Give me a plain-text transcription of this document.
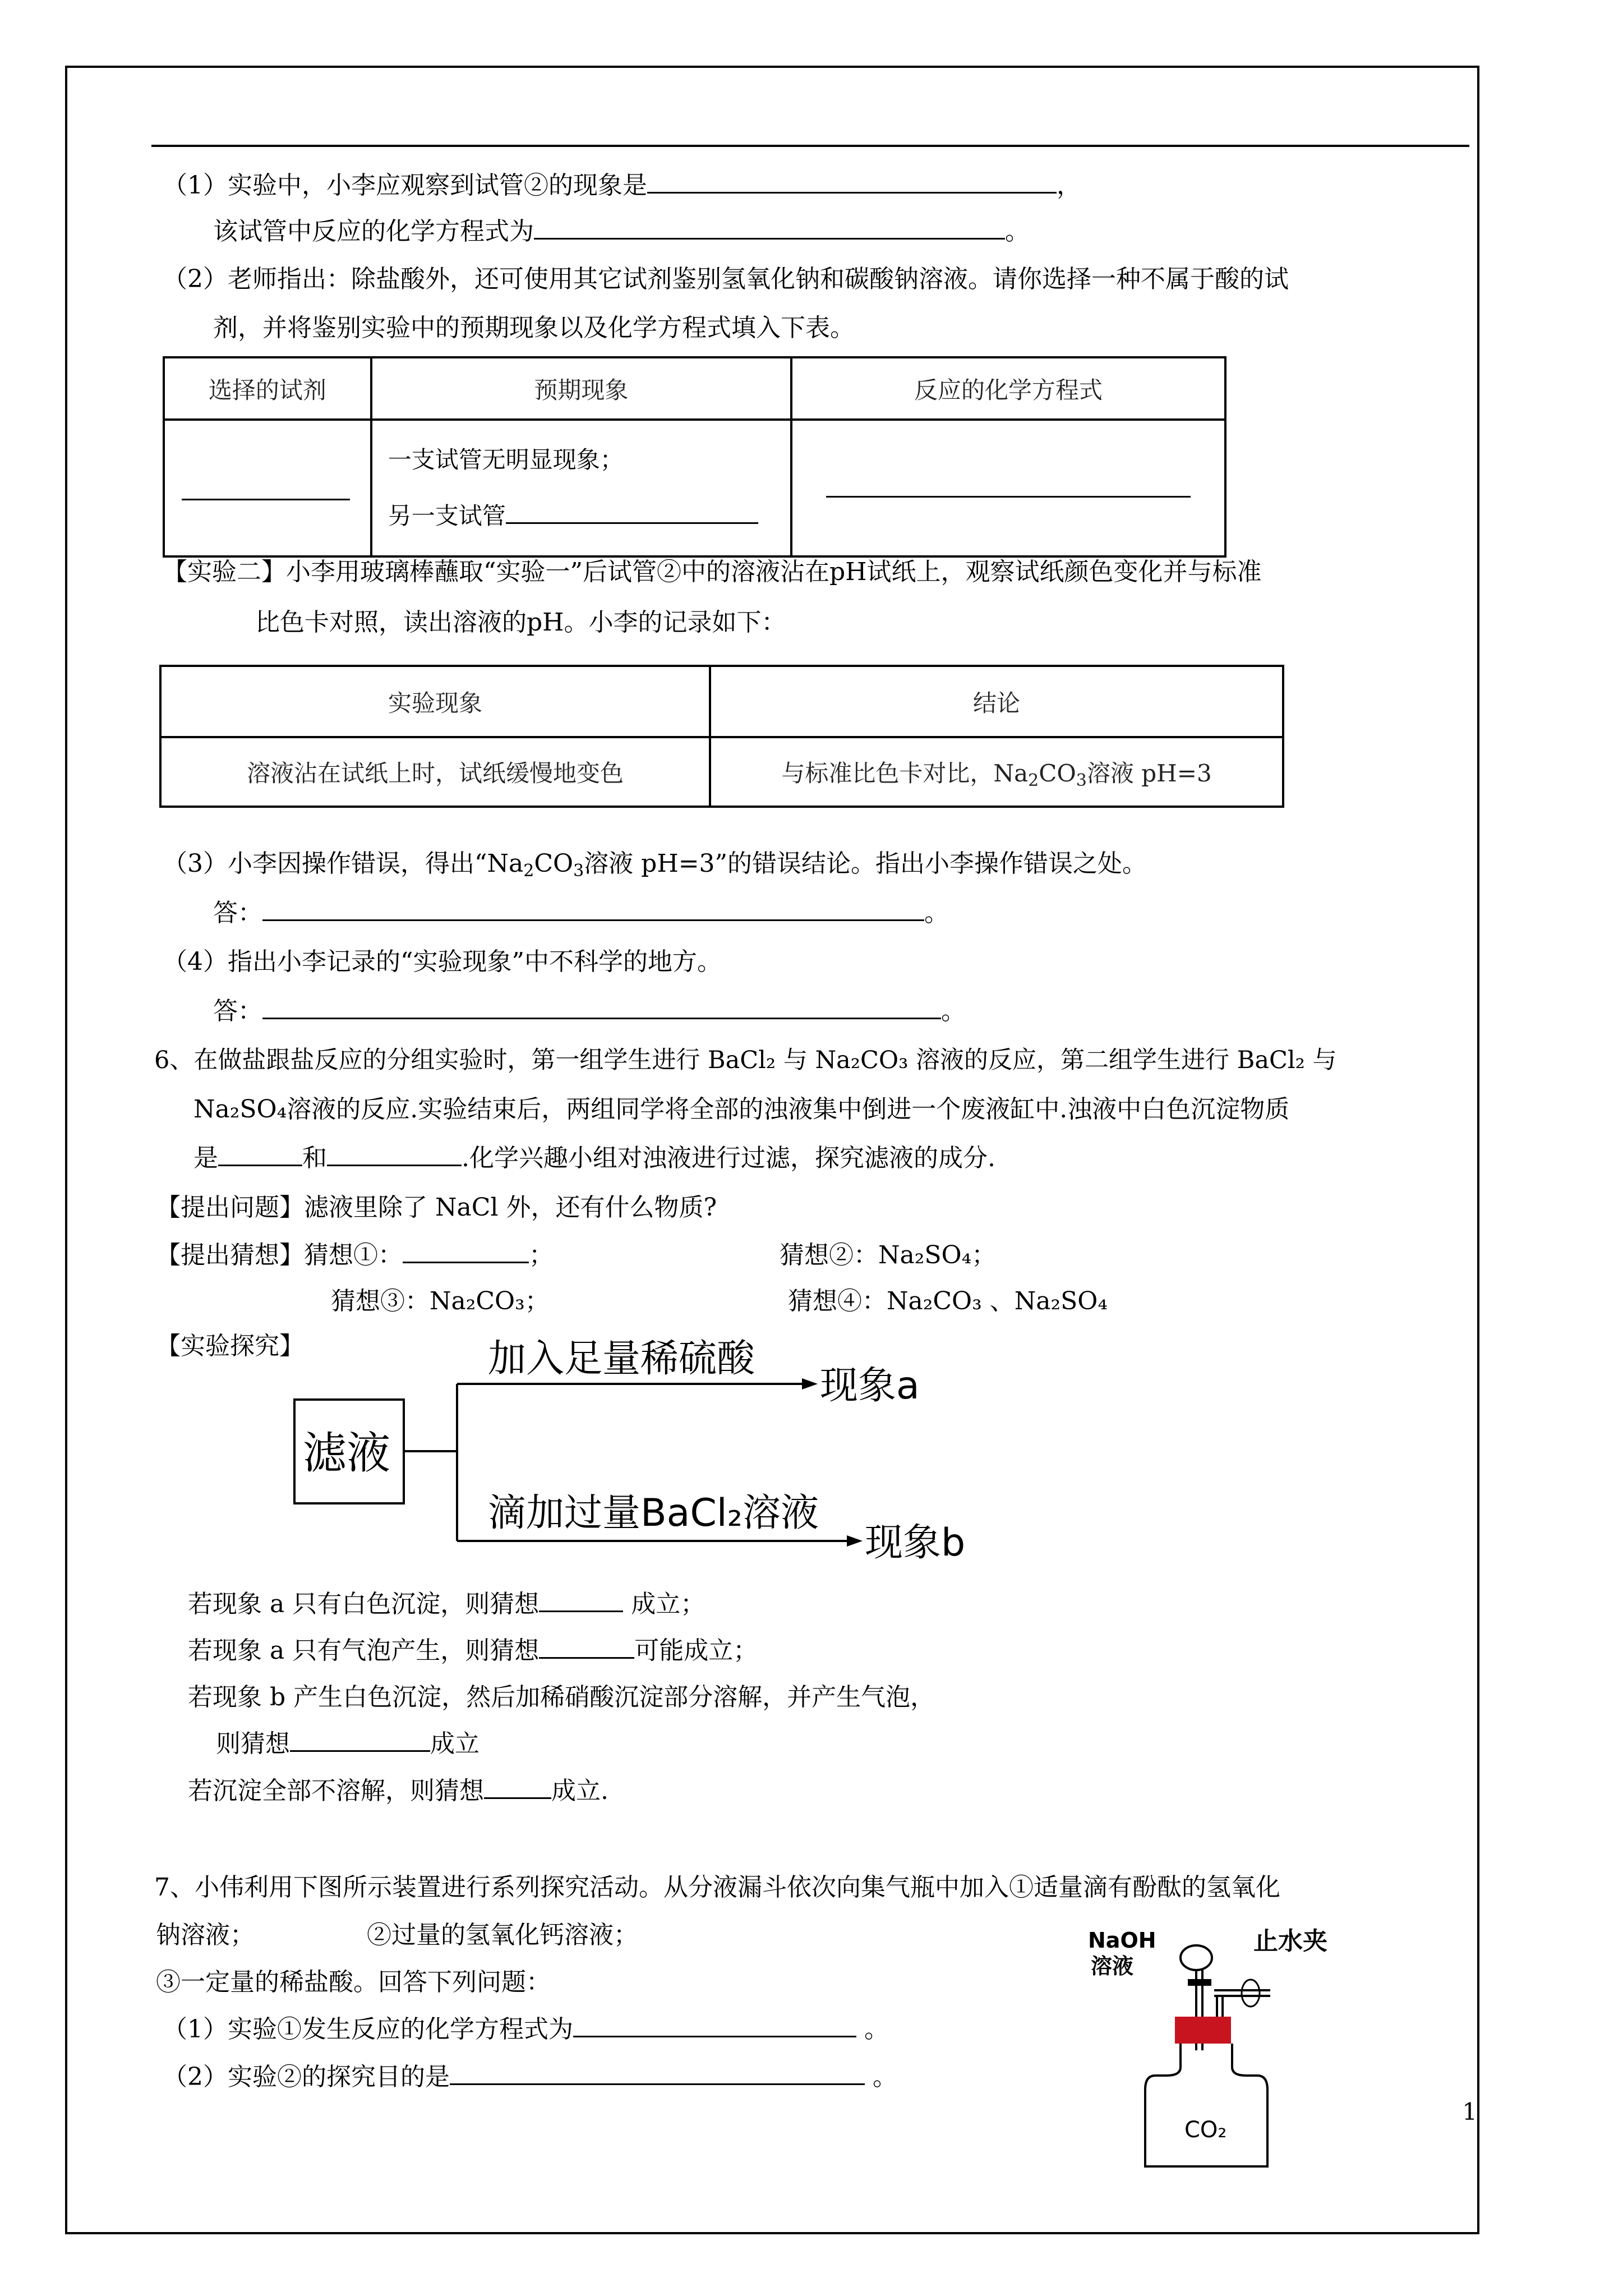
（1）实验中，小李应观察到试管②的现象是	，
该试管中反应的化学方程式为	。
（2）老师指出：除盐酸外，还可使用其它试剂鉴别氢氧化钠和碳酸钠溶液。请你选择一种不属于酸的试
剂，并将鉴别实验中的预期现象以及化学方程式填入下表。
选择的试剂	预期现象	反应的化学方程式

	一支试管无明显现象；
另一支试管	

【实验二】小李用玻璃棒蘸取“实验一”后试管②中的溶液沾在pH试纸上，观察试纸颜色变化并与标准
比色卡对照，读出溶液的pH。小李的记录如下：
实验现象	结论
溶液沾在试纸上时，试纸缓慢地变色	与标准比色卡对比，$Na_2CO_3$溶液 pH=3
（3）小李因操作错误，得出“$Na_2CO_3$溶液 pH=3”的错误结论。指出小李操作错误之处。
答：	。
（4）指出小李记录的“实验现象”中不科学的地方。
答：	。
6、在做盐跟盐反应的分组实验时，第一组学生进行 BaCl₂ 与 Na₂CO₃ 溶液的反应，第二组学生进行 BaCl₂ 与
Na₂SO₄溶液的反应.实验结束后，两组同学将全部的浊液集中倒进一个废液缸中.浊液中白色沉淀物质
是	和	.化学兴趣小组对浊液进行过滤，探究滤液的成分.
【提出问题】滤液里除了 NaCl 外，还有什么物质?
【提出猜想】猜想①：	；	猜想②：Na₂SO₄；
猜想③：Na₂CO₃；	猜想④：Na₂CO₃ 、Na₂SO₄
【实验探究】
滤液
加入足量稀硫酸
现象a
滴加过量BaCl₂溶液
现象b
若现象 a 只有白色沉淀，则猜想	成立；
若现象 a 只有气泡产生，则猜想	可能成立；
若现象 b 产生白色沉淀，然后加稀硝酸沉淀部分溶解，并产生气泡，
则猜想	成立
若沉淀全部不溶解，则猜想	成立.
7、小伟利用下图所示装置进行系列探究活动。从分液漏斗依次向集气瓶中加入①适量滴有酚酞的氢氧化
钠溶液；	②过量的氢氧化钙溶液；
③一定量的稀盐酸。回答下列问题：
（1）实验①发生反应的化学方程式为	。
（2）实验②的探究目的是	。
NaOH
溶液
止水夹
CO₂
1
